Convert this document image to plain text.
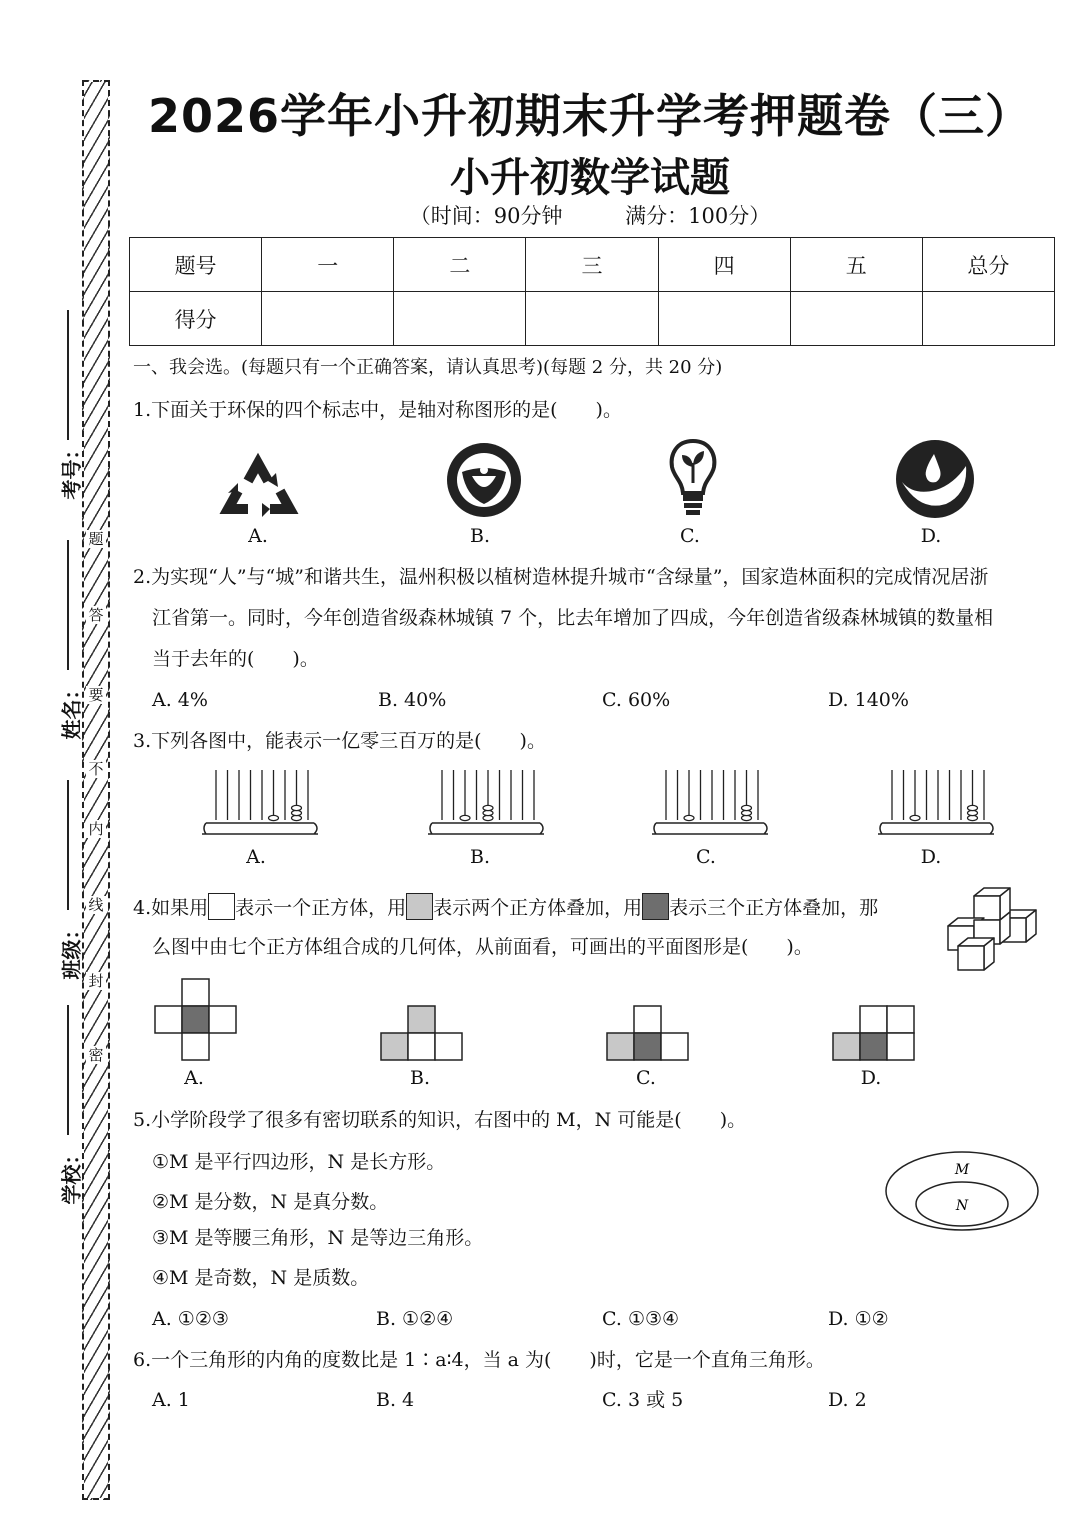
题
答
要
不
内
线
封
密
考号：
姓名：
班级：
学校：
2026学年小升初期末升学考押题卷（三）
小升初数学试题
（时间：90分钟	满分：100分）
题号	一	二	三	四	五	总分
得分						
一、我会选。(每题只有一个正确答案，请认真思考)(每题 2 分，共 20 分)
1.下面关于环保的四个标志中，是轴对称图形的是(　　)。
A.	B.	C.	D.
2.为实现“人”与“城”和谐共生，温州积极以植树造林提升城市“含绿量”，国家造林面积的完成情况居浙
江省第一。同时，今年创造省级森林城镇 7 个，比去年增加了四成，今年创造省级森林城镇的数量相
当于去年的(　　)。
A. 4%	B. 40%	C. 60%	D. 140%
3.下列各图中，能表示一亿零三百万的是(　　)。
A.	B.	C.	D.
4.如果用 表示一个正方体，用 表示两个正方体叠加，用 表示三个正方体叠加，那
么图中由七个正方体组合成的几何体，从前面看，可画出的平面图形是(　　)。
A.	B.	C.	D.
5.小学阶段学了很多有密切联系的知识，右图中的 M，N 可能是(　　)。
①M 是平行四边形，N 是长方形。
②M 是分数，N 是真分数。
③M 是等腰三角形，N 是等边三角形。
④M 是奇数，N 是质数。
M
N
A. ①②③	B. ①②④	C. ①③④	D. ①②
6.一个三角形的内角的度数比是 1∶a∶4，当 a 为(　　)时，它是一个直角三角形。
A. 1	B. 4	C. 3 或 5	D. 2
